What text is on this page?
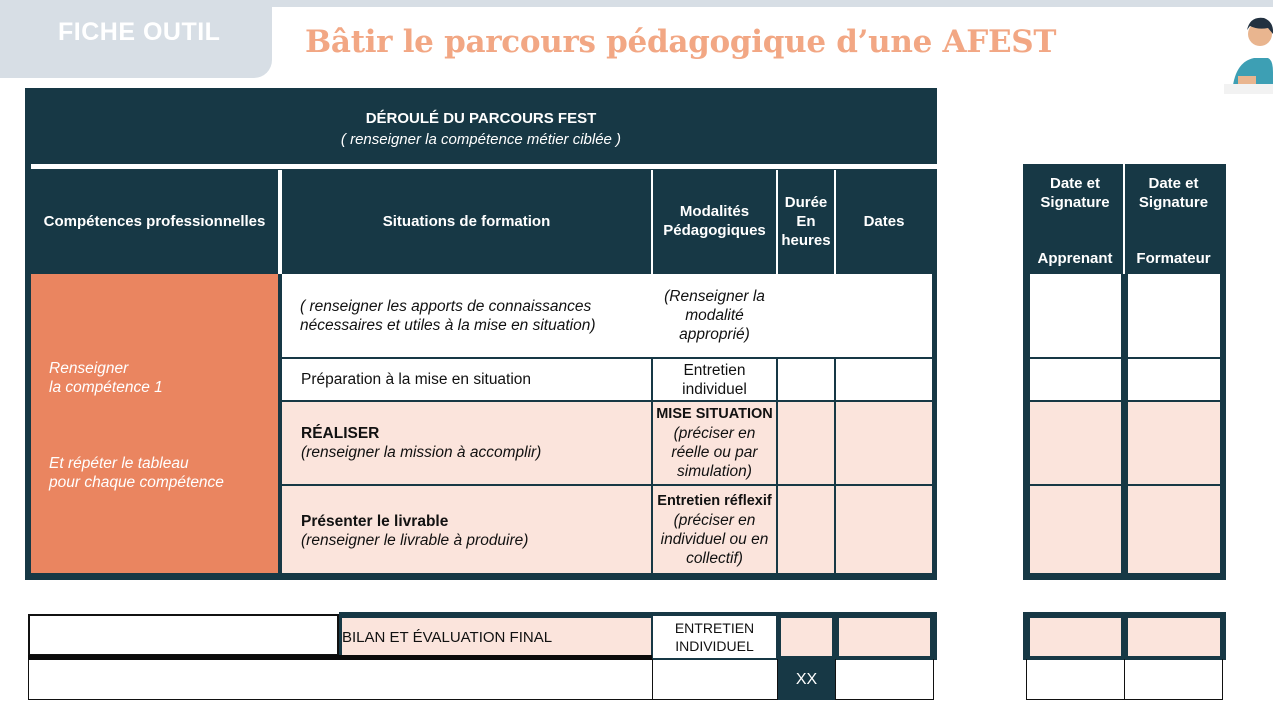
FICHE OUTIL	Bâtir le parcours pédagogique d’une AFEST
DÉROULÉ DU PARCOURS FEST
( renseigner la compétence métier ciblée )
Compétences professionnelles	Situations de formation
Modalités Pédagogiques
Durée En heures
Dates
Renseigner
la compétence 1
Et répéter le tableau
pour chaque compétence
( renseigner les apports de connaissances nécessaires et utiles à la mise en situation)
(Renseigner la modalité approprié)
Préparation à la mise en situation
Entretien individuel
RÉALISER
(renseigner la mission à accomplir)
MISE SITUATION
(préciser en réelle ou par simulation)
Présenter le livrable
(renseigner le livrable à produire)
Entretien réflexif
(préciser en individuel ou en collectif)
Date et Signature
Apprenant
Date et Signature
Formateur
BILAN ET ÉVALUATION FINAL
ENTRETIEN INDIVIDUEL
XX
